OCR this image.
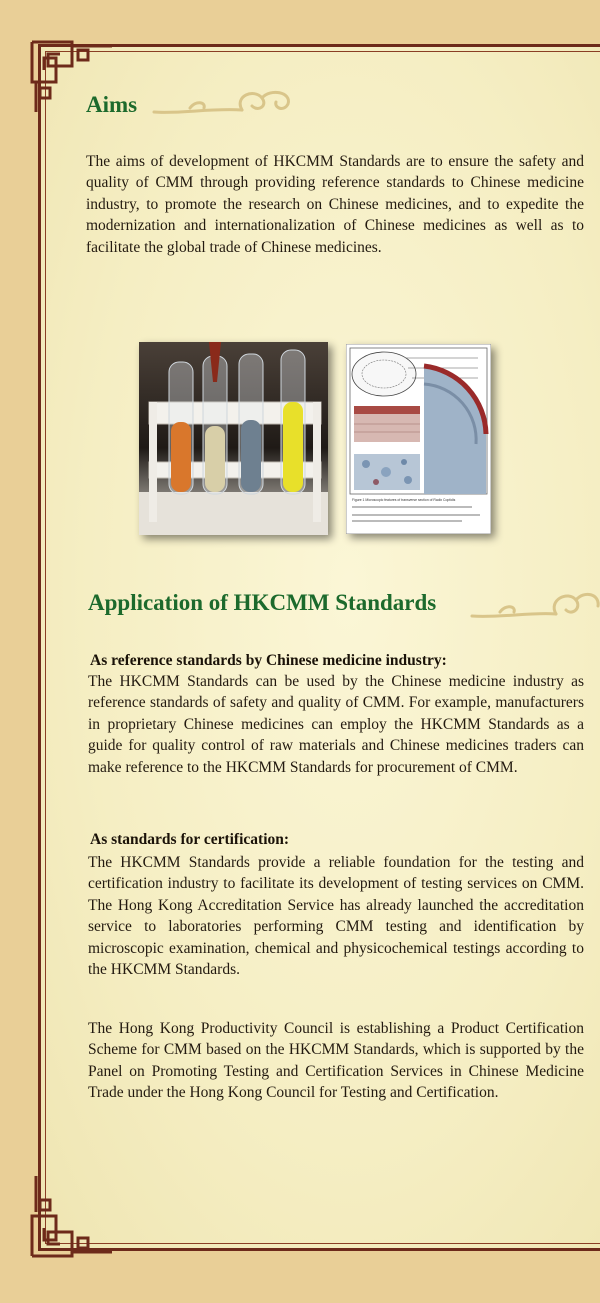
Aims

The aims of development of HKCMM Standards are to ensure the safety and quality of CMM through providing reference standards to Chinese medicine industry, to promote the research on Chinese medicines, and to expedite the modernization and internationalization of Chinese medicines as well as to facilitate the global trade of Chinese medicines.

Figure 1 Microscopic features of transverse section of Radix Coptidis
Application of HKCMM Standards

As reference standards by Chinese medicine industry:

The HKCMM Standards can be used by the Chinese medicine industry as reference standards of safety and quality of CMM. For example, manufacturers in proprietary Chinese medicines can employ the HKCMM Standards as a guide for quality control of raw materials and Chinese medicines traders can make reference to the HKCMM Standards for procurement of CMM.

As standards for certification:

The HKCMM Standards provide a reliable foundation for the testing and certification industry to facilitate its development of testing services on CMM. The Hong Kong Accreditation Service has already launched the accreditation service to laboratories performing CMM testing and identification by microscopic examination, chemical and physicochemical testings according to the HKCMM Standards.

The Hong Kong Productivity Council is establishing a Product Certification Scheme for CMM based on the HKCMM Standards, which is supported by the Panel on Promoting Testing and Certification Services in Chinese Medicine Trade under the Hong Kong Council for Testing and Certification.
